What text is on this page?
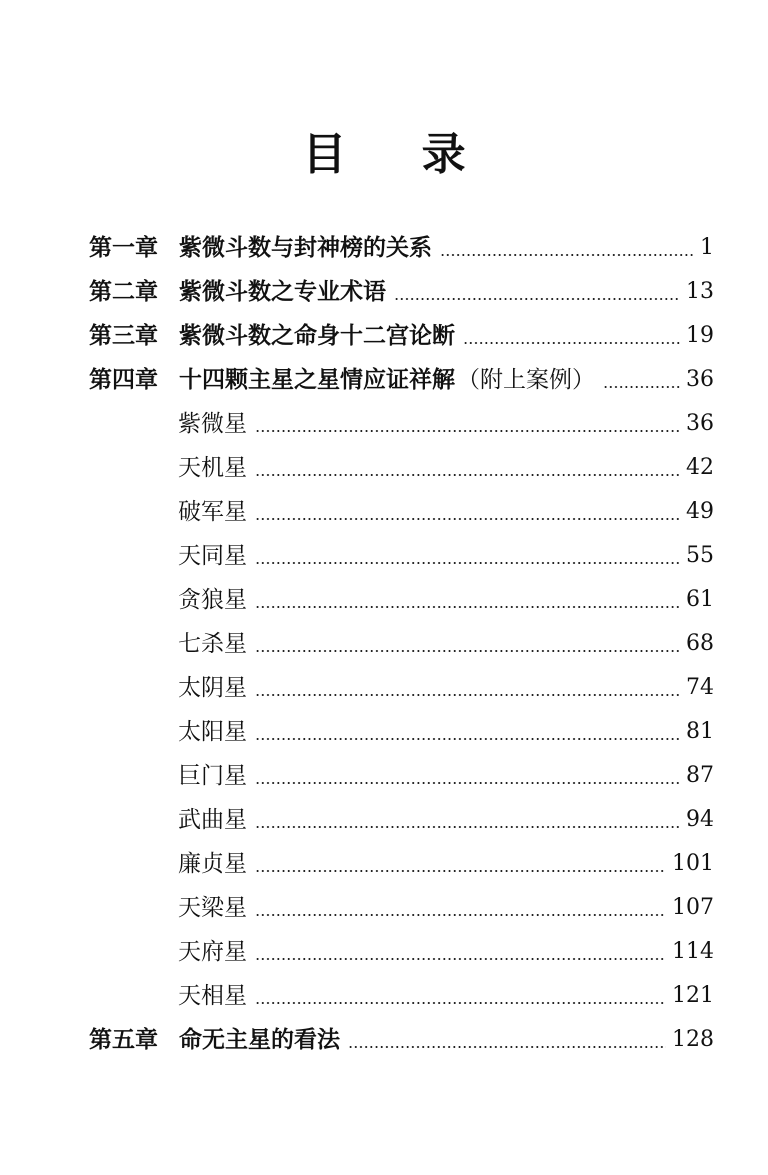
目 录
第一章 紫微斗数与封神榜的关系	1
第二章 紫微斗数之专业术语	13
第三章 紫微斗数之命身十二宫论断	19
第四章 十四颗主星之星情应证祥解 （附上案例）	36
紫微星	36
天机星	42
破军星	49
天同星	55
贪狼星	61
七杀星	68
太阴星	74
太阳星	81
巨门星	87
武曲星	94
廉贞星	101
天梁星	107
天府星	114
天相星	121
第五章 命无主星的看法	128
